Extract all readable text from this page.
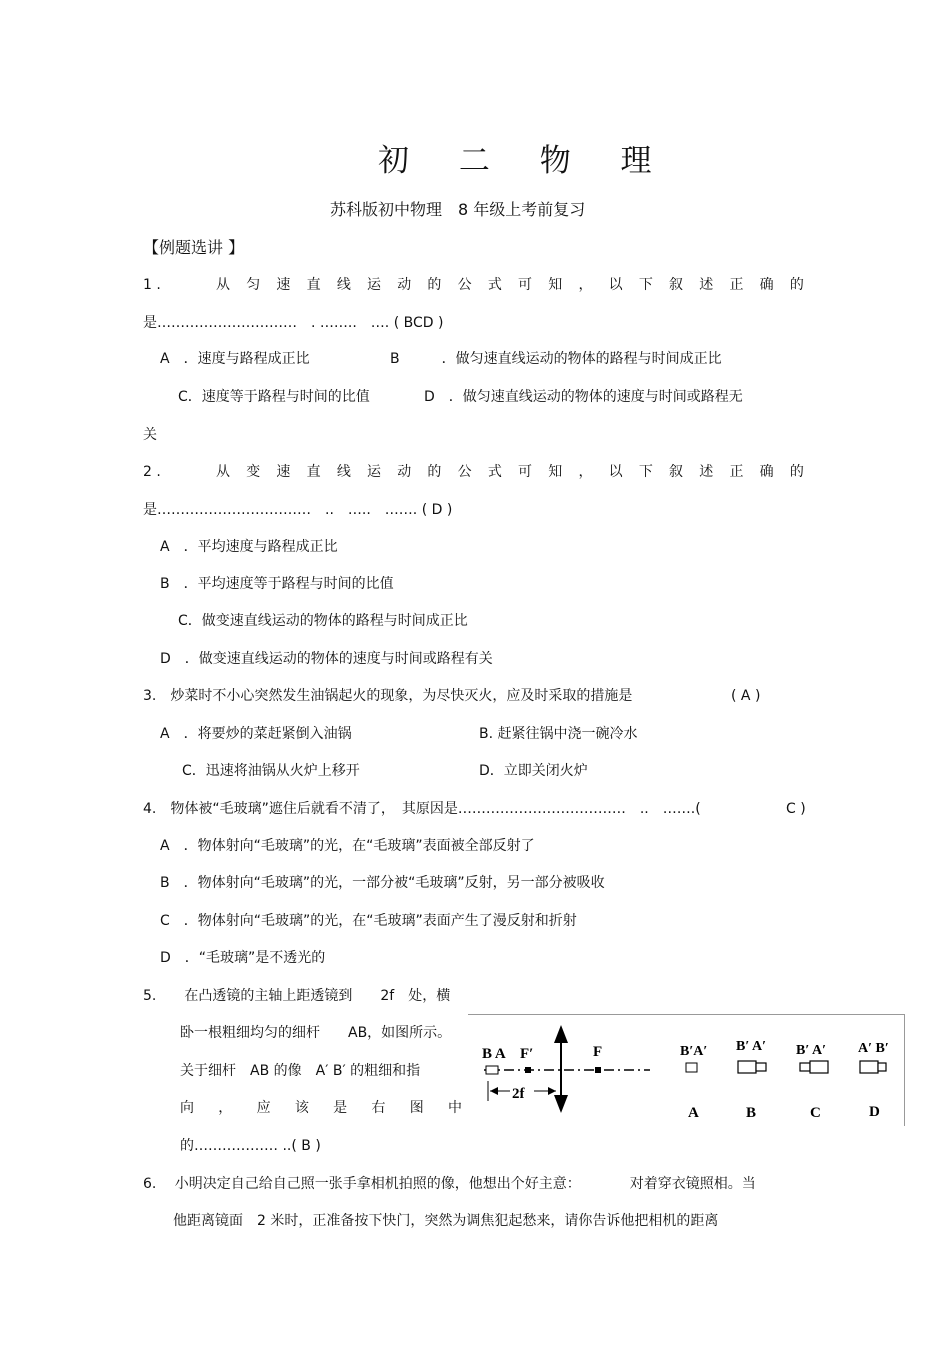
初 二 物 理
苏科版初中物理　8 年级上考前复习
【例题选讲 】
1 .	从 匀 速 直 线 运 动 的 公 式 可 知 ， 以 下 叙 述 正 确 的
是…………………………　. ……..　…. ( BCD )
A　．速度与路程成正比	B　　　．做匀速直线运动的物体的路程与时间成正比
C．速度等于路程与时间的比值	D　．做匀速直线运动的物体的速度与时间或路程无
关
2 .	从 变 速 直 线 运 动 的 公 式 可 知 ， 以 下 叙 述 正 确 的
是……………………………　..　…..　……. ( D )
A　．平均速度与路程成正比
B　．平均速度等于路程与时间的比值
C．做变速直线运动的物体的路程与时间成正比
D　．做变速直线运动的物体的速度与时间或路程有关
3.　炒菜时不小心突然发生油锅起火的现象，为尽快灭火，应及时采取的措施是	( A )
A　．将要炒的菜赶紧倒入油锅	B. 赶紧往锅中浇一碗冷水
C．迅速将油锅从火炉上移开	D．立即关闭火炉
4.　物体被“毛玻璃”遮住后就看不清了，　其原因是………………………………　..　…….(	C )
A　．物体射向“毛玻璃”的光，在“毛玻璃”表面被全部反射了
B　．物体射向“毛玻璃”的光，一部分被“毛玻璃”反射，另一部分被吸收
C　．物体射向“毛玻璃”的光，在“毛玻璃”表面产生了漫反射和折射
D　．“毛玻璃”是不透光的
5.　　在凸透镜的主轴上距透镜到　　2f　处，横
卧一根粗细均匀的细杆　　AB，如图所示。
关于细杆　AB 的像　A′ B′ 的粗细和指
向 ， 应 该 是 右 图 中
的……………… ..( B )
2f
B A F′	F	B′A′
A
B′ A′
B
B′ A′
C
A′ B′
D
6.　 小明决定自己给自己照一张手拿相机拍照的像，他想出个好主意：　　　　对着穿衣镜照相。当
他距离镜面　2 米时，正准备按下快门，突然为调焦犯起愁来，请你告诉他把相机的距离
